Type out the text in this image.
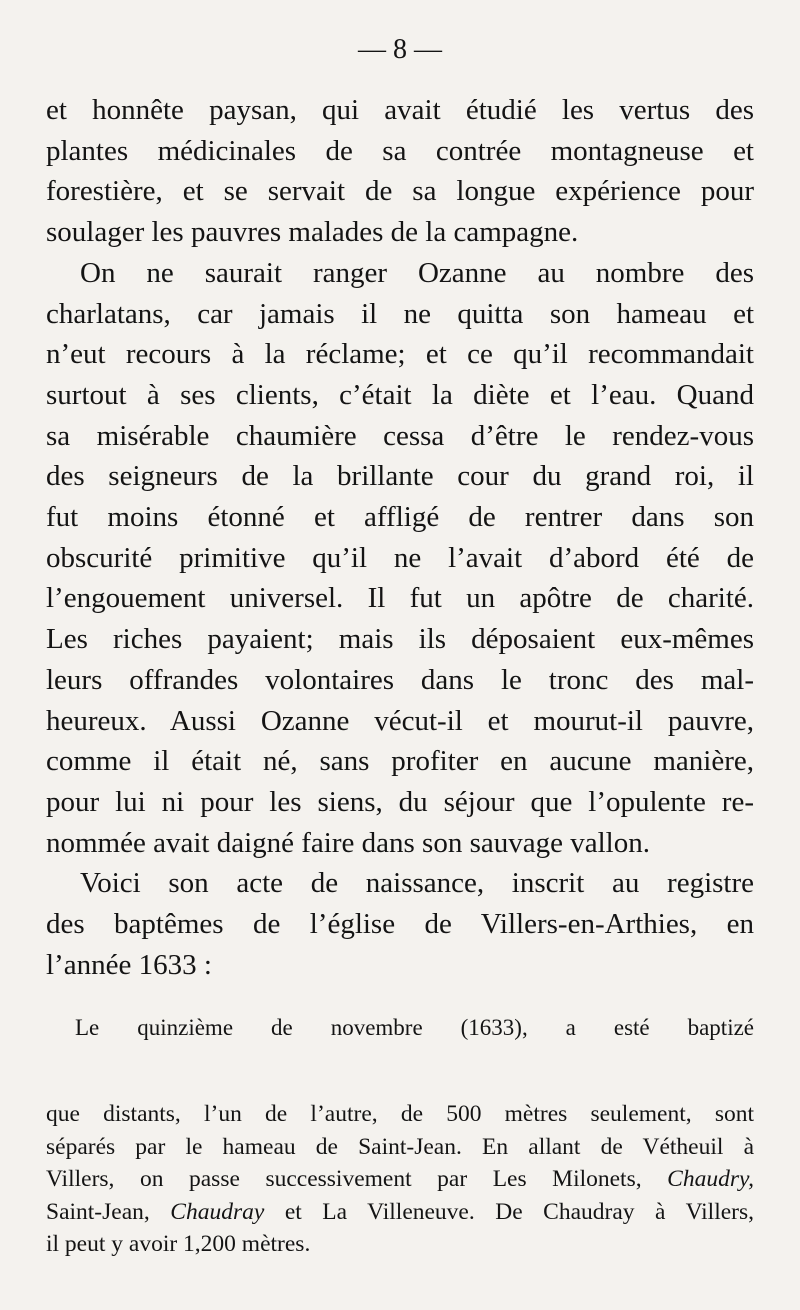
— 8 —
et honnête paysan, qui avait étudié les vertus des
plantes médicinales de sa contrée montagneuse et
forestière, et se servait de sa longue expérience pour
soulager les pauvres malades de la campagne.
On ne saurait ranger Ozanne au nombre des
charlatans, car jamais il ne quitta son hameau et
n’eut recours à la réclame; et ce qu’il recommandait
surtout à ses clients, c’était la diète et l’eau. Quand
sa misérable chaumière cessa d’être le rendez-vous
des seigneurs de la brillante cour du grand roi, il
fut moins étonné et affligé de rentrer dans son
obscurité primitive qu’il ne l’avait d’abord été de
l’engouement universel. Il fut un apôtre de charité.
Les riches payaient; mais ils déposaient eux-mêmes
leurs offrandes volontaires dans le tronc des mal-
heureux. Aussi Ozanne vécut-il et mourut-il pauvre,
comme il était né, sans profiter en aucune manière,
pour lui ni pour les siens, du séjour que l’opulente re-
nommée avait daigné faire dans son sauvage vallon.
Voici son acte de naissance, inscrit au registre
des baptêmes de l’église de Villers-en-Arthies, en
l’année 1633 :
Le quinzième de novembre (1633), a esté baptizé
que distants, l’un de l’autre, de 500 mètres seulement, sont
séparés par le hameau de Saint-Jean. En allant de Vétheuil à
Villers, on passe successivement par Les Milonets, Chaudry,
Saint-Jean, Chaudray et La Villeneuve. De Chaudray à Villers,
il peut y avoir 1,200 mètres.
